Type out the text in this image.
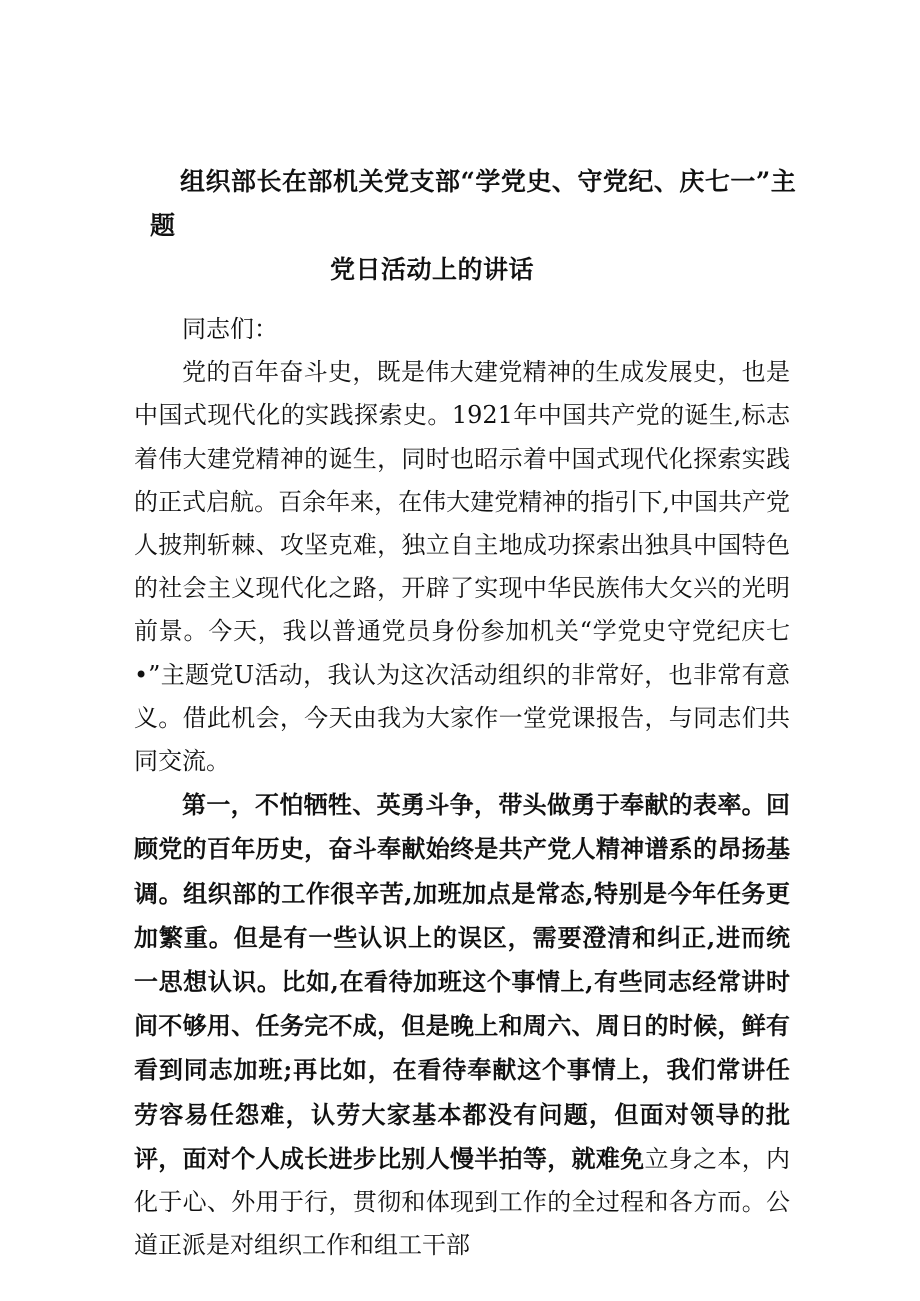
组织部长在部机关党支部“学党史、守党纪、庆七一”主题
党日活动上的讲话

同志们：

党的百年奋斗史，既是伟大建党精神的生成发展史，也是中国式现代化的实践探索史。1921年中国共产党的诞生,标志着伟大建党精神的诞生，同时也昭示着中国式现代化探索实践的正式启航。百余年来，在伟大建党精神的指引下,中国共产党人披荆斩棘、攻坚克难，独立自主地成功探索出独具中国特色的社会主义现代化之路，开辟了实现中华民族伟大攵兴的光明前景。今天，我以普通党员身份参加机关“学党史守党纪庆七•”主题党U活动，我认为这次活动组织的非常好，也非常有意义。借此机会，今天由我为大家作一堂党课报告，与同志们共同交流。

第一，不怕牺牲、英勇斗争，带头做勇于奉献的表率。回顾党的百年历史，奋斗奉献始终是共产党人精神谱系的昂扬基调。组织部的工作很辛苦,加班加点是常态,特别是今年任务更加繁重。但是有一些认识上的误区，需要澄清和纠正,进而统一思想认识。比如,在看待加班这个事情上,有些同志经常讲时间不够用、任务完不成，但是晚上和周六、周日的时候，鲜有看到同志加班;再比如，在看待奉献这个事情上，我们常讲任劳容易任怨难，认劳大家基本都没有问题，但面对领导的批评，面对个人成长进步比别人慢半拍等，就难免立身之本，内化于心、外用于行，贯彻和体现到工作的全过程和各方而。公道正派是对组织工作和组工干部
